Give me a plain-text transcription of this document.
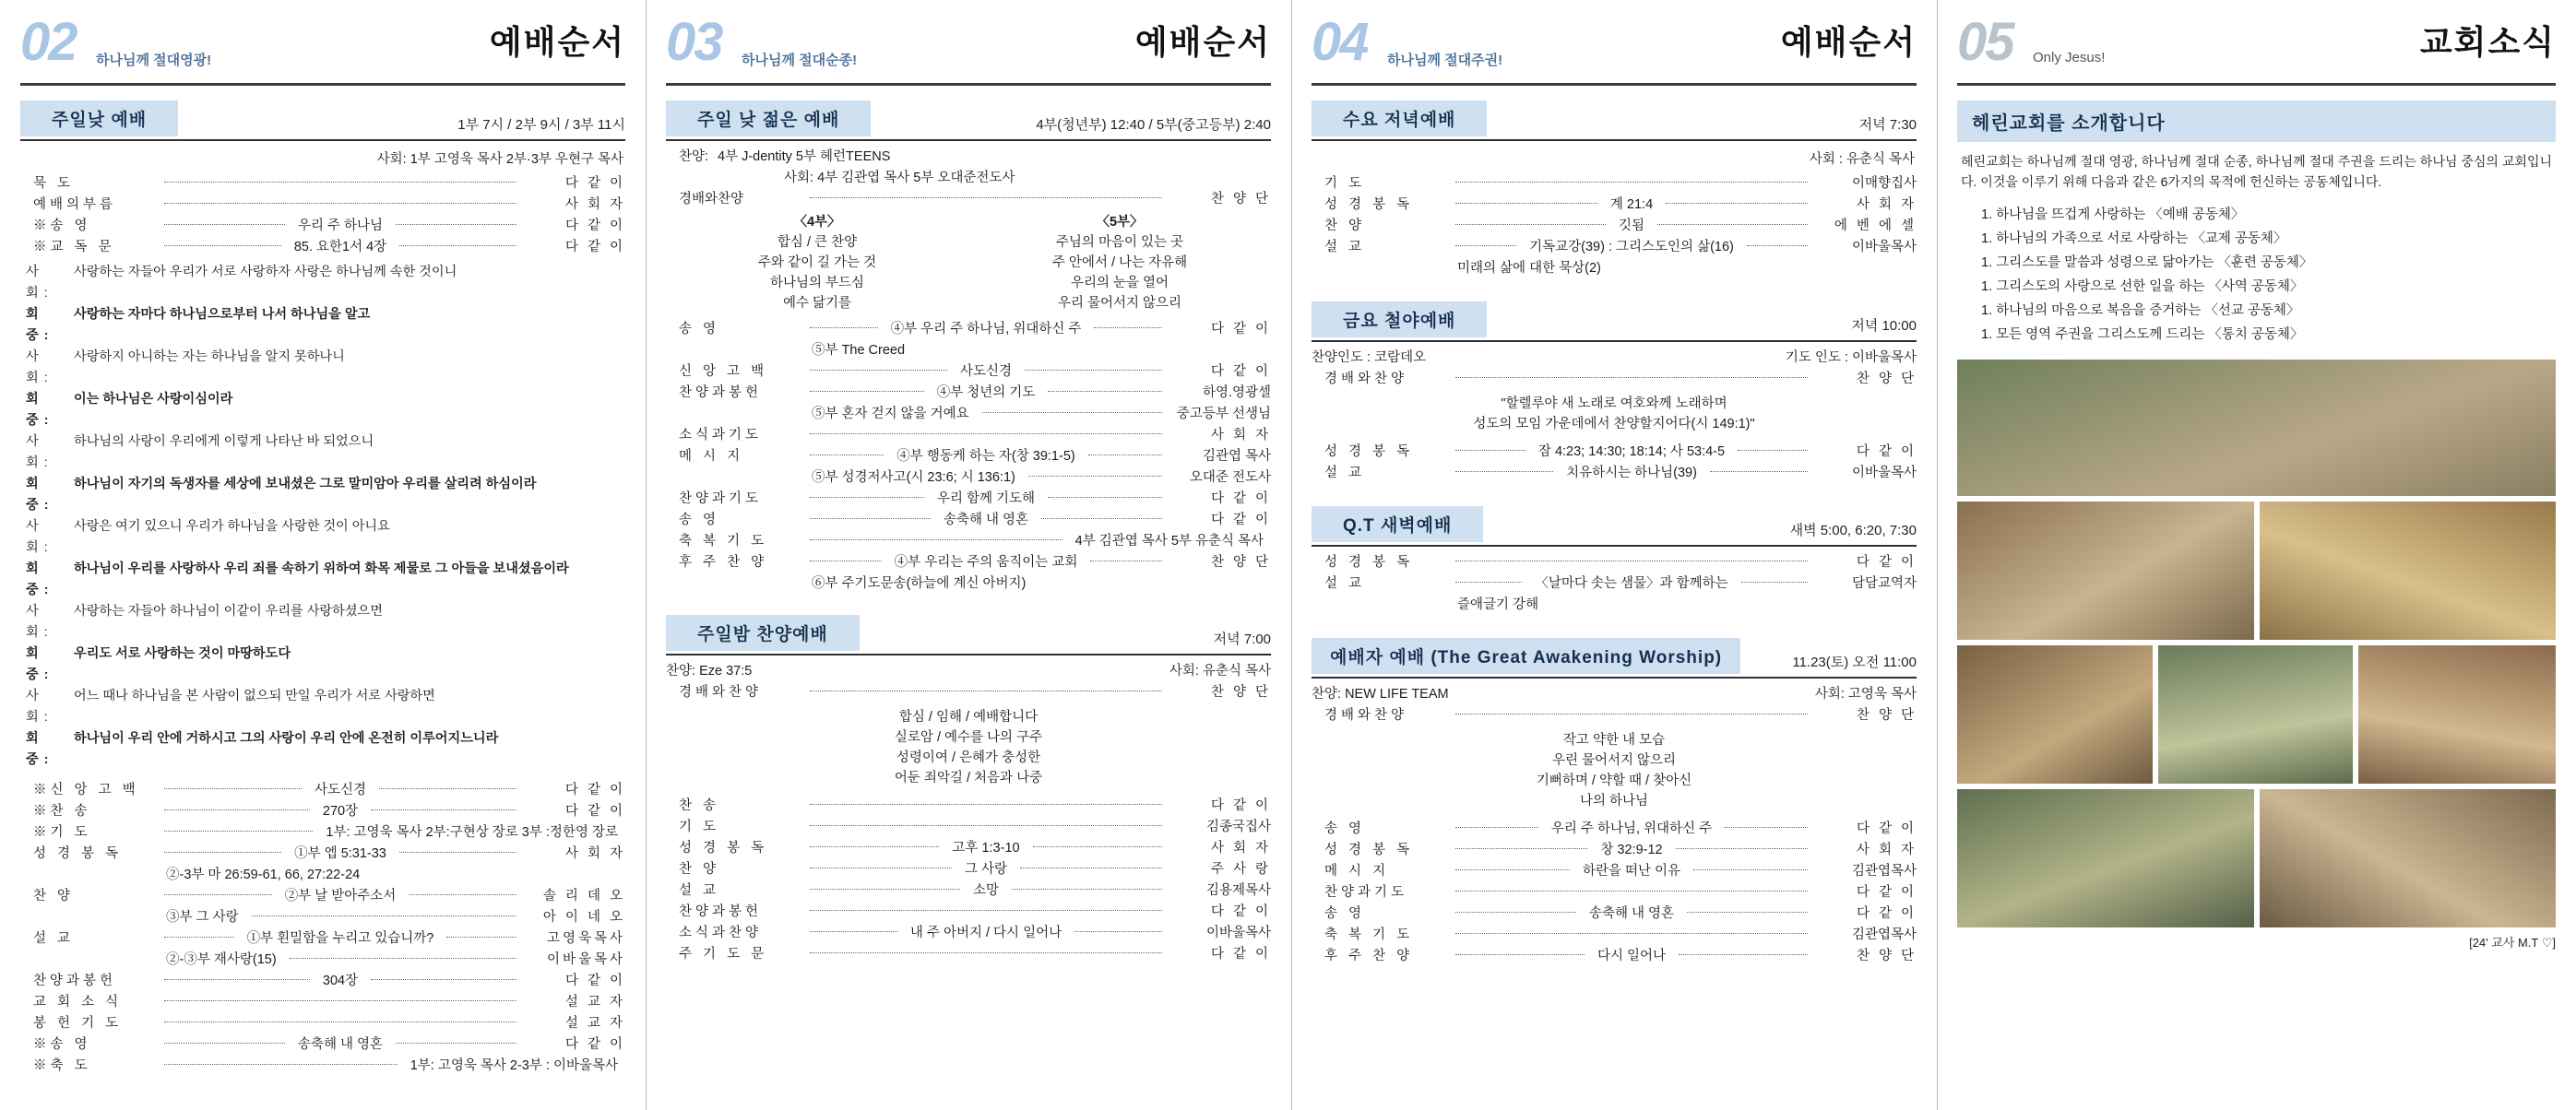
02 하나님께 절대영광!	예배순서
주일낮 예배	1부 7시 / 2부 9시 / 3부 11시
사회: 1부 고영욱 목사 2부·3부 우현구 목사
묵 도	다 같 이
예배의부름	사 회 자
※송 영	우리 주 하나님	다 같 이
※교 독 문	85. 요한1서 4장	다 같 이
사 회:
사랑하는 자들아 우리가 서로 사랑하자 사랑은 하나님께 속한 것이니
회 중:
사랑하는 자마다 하나님으로부터 나서 하나님을 알고
사 회:
사랑하지 아니하는 자는 하나님을 알지 못하나니
회 중:
이는 하나님은 사랑이심이라
사 회:
하나님의 사랑이 우리에게 이렇게 나타난 바 되었으니
회 중:
하나님이 자기의 독생자를 세상에 보내셨은 그로 말미암아 우리를 살리려 하심이라
사 회:
사랑은 여기 있으니 우리가 하나님을 사랑한 것이 아니요
회 중:
하나님이 우리를 사랑하사 우리 죄를 속하기 위하여 화목 제물로 그 아들을 보내셨음이라
사 회:
사랑하는 자들아 하나님이 이같이 우리를 사랑하셨으면
회 중:
우리도 서로 사랑하는 것이 마땅하도다
사 회:
어느 때나 하나님을 본 사람이 없으되 만일 우리가 서로 사랑하면
회 중:
하나님이 우리 안에 거하시고 그의 사랑이 우리 안에 온전히 이루어지느니라
※신 앙 고 백	사도신경	다 같 이
※찬 송	270장	다 같 이
※기 도	1부: 고영욱 목사 2부:구현상 장로 3부 :정한영 장로
성 경 봉 독	①부 엡 5:31-33	사 회 자
②-3부 마 26:59-61, 66, 27:22-24
찬 양	②부 날 받아주소서	솔 리 데 오
③부 그 사랑	아 이 네 오
설 교	①부 횐밀함을 누리고 있습니까?	고영욱목사
②-③부 재사랑(15)	이바울목사
찬양과봉헌	304장	다 같 이
교 회 소 식	설 교 자
봉 헌 기 도	설 교 자
※송 영	송축해 내 영혼	다 같 이
※축 도	1부: 고영욱 목사 2-3부 : 이바울목사
03 하나님께 절대순종!	예배순서
주일 낮 젊은 예배	4부(청년부) 12:40 / 5부(중고등부) 2:40
찬양: 4부 J-dentity 5부 헤런TEENS
사회: 4부 김관엽 목사 5부 오대준전도사
경배와찬양	찬 양 단
〈4부〉
합심 / 큰 찬양
주와 같이 길 가는 것
하나님의 부드심
예수 닮기를
〈5부〉
주님의 마음이 있는 곳
주 안에서 / 나는 자유해
우리의 눈을 열어
우리 물어서지 않으리
송 영	④부 우리 주 하나님, 위대하신 주	다 같 이
⑤부 The Creed
신 앙 고 백	사도신경	다 같 이
찬양과봉헌	④부 청년의 기도	하영.영광셀
⑤부 혼자 걷지 않을 거예요	중고등부 선생님
소식과기도	사 회 자
메 시 지	④부 행동케 하는 자(창 39:1-5)	김관엽 목사
⑤부 성경저사고(시 23:6; 시 136:1)	오대준 전도사
찬양과기도	우리 함께 기도해	다 같 이
송 영	송축해 내 영혼	다 같 이
축 복 기 도	4부 김관엽 목사 5부 유춘식 목사
후 주 찬 양	④부 우리는 주의 움직이는 교회	찬 양 단
⑥부 주기도문송(하늘에 계신 아버지)
주일밤 찬양예배	저녁 7:00
찬양: Eze 37:5	사회: 유춘식 목사
경배와찬양	찬 양 단
합심 / 임해 / 예배합니다
실로암 / 예수를 나의 구주
성령이여 / 은혜가 충성한
어둔 죄악길 / 처음과 나중
찬 송	다 같 이
기 도	김종국집사
성 경 봉 독	고후 1:3-10	사 회 자
찬 양	그 사랑	주 사 랑
설 교	소망	김용제목사
찬양과봉헌	다 같 이
소식과찬양	내 주 아버지 / 다시 일어나	이바울목사
주 기 도 문	다 같 이
04 하나님께 절대주권!	예배순서
수요 저녁예배	저녁 7:30
사회 : 유춘식 목사
기 도	이매향집사
성 경 봉 독	계 21:4	사 회 자
찬 양	깃됨	에 벤 에 셀
설 교	기독교강(39) : 그리스도인의 삶(16)	이바울목사
미래의 삶에 대한 묵상(2)
금요 철야예배	저녁 10:00
찬양인도 : 코람데오	기도 인도 : 이바울목사
경배와찬양	찬 양 단
"할렐루야 새 노래로 여호와께 노래하며
성도의 모임 가운데에서 찬양할지어다(시 149:1)"
성 경 봉 독	잠 4:23; 14:30; 18:14; 사 53:4-5	다 같 이
설 교	치유하시는 하나님(39)	이바울목사
Q.T 새벽예배	새벽 5:00, 6:20, 7:30
성 경 봉 독	다 같 이
설 교	〈날마다 솟는 샘물〉과 함께하는	담담교역자
즐애글기 강해
예배자 예배 (The Great Awakening Worship)	11.23(토) 오전 11:00
찬양: NEW LIFE TEAM	사회: 고영욱 목사
경배와찬양	찬 양 단
작고 약한 내 모습
우린 물어서지 않으리
기뻐하며 / 약할 때 / 찾아신
나의 하나님
송 영	우리 주 하나님, 위대하신 주	다 같 이
성 경 봉 독	창 32:9-12	사 회 자
메 시 지	하란을 떠난 이유	김관엽목사
찬양과기도	다 같 이
송 영	송축해 내 영혼	다 같 이
축 복 기 도	김관엽목사
후 주 찬 양	다시 일어나	찬 양 단
05 Only Jesus!	교회소식
헤린교회를 소개합니다
헤린교회는 하나님께 절대 영광, 하나님께 절대 순종, 하나님께 절대 주권을 드리는 하나님 중심의 교회입니다. 이것을 이루기 위해 다음과 같은 6가지의 목적에 헌신하는 공동체입니다.
1. 하나님을 뜨겁게 사랑하는 〈예배 공동체〉
1. 하나님의 가족으로 서로 사랑하는 〈교제 공동체〉
1. 그리스도를 말씀과 성령으로 닮아가는 〈훈련 공동체〉
1. 그리스도의 사랑으로 선한 일을 하는 〈사역 공동체〉
1. 하나님의 마음으로 복음을 증거하는 〈선교 공동체〉
1. 모든 영역 주권을 그리스도께 드리는 〈통치 공동체〉
[24' 교사 M.T ♡]
